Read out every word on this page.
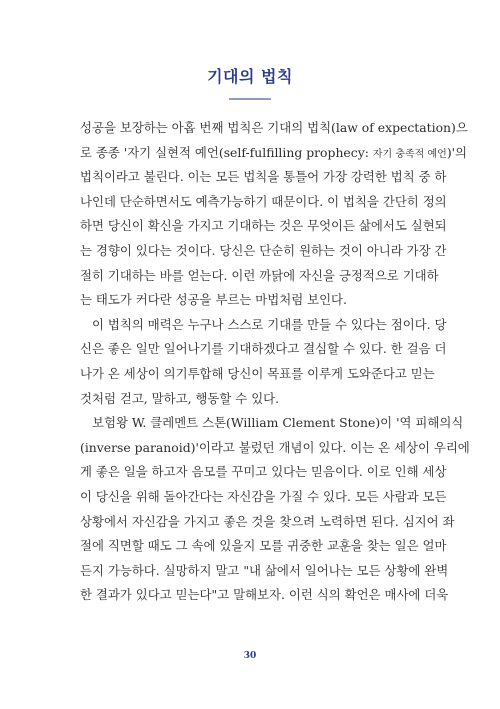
기대의 법칙
성공을 보장하는 아홉 번째 법칙은 기대의 법칙(law of expectation)으
로 종종 '자기 실현적 예언(self-fulfilling prophecy: 자기 충족적 예언)'의
법칙이라고 불린다. 이는 모든 법칙을 통틀어 가장 강력한 법칙 중 하
나인데 단순하면서도 예측가능하기 때문이다. 이 법칙을 간단히 정의
하면 당신이 확신을 가지고 기대하는 것은 무엇이든 삶에서도 실현되
는 경향이 있다는 것이다. 당신은 단순히 원하는 것이 아니라 가장 간
절히 기대하는 바를 얻는다. 이런 까닭에 자신을 긍정적으로 기대하
는 태도가 커다란 성공을 부르는 마법처럼 보인다.
이 법칙의 매력은 누구나 스스로 기대를 만들 수 있다는 점이다. 당
신은 좋은 일만 일어나기를 기대하겠다고 결심할 수 있다. 한 걸음 더
나가 온 세상이 의기투합해 당신이 목표를 이루게 도와준다고 믿는
것처럼 걷고, 말하고, 행동할 수 있다.
보험왕 W. 클레멘트 스톤(William Clement Stone)이 '역 피해의식
(inverse paranoid)'이라고 불렀던 개념이 있다. 이는 온 세상이 우리에
게 좋은 일을 하고자 음모를 꾸미고 있다는 믿음이다. 이로 인해 세상
이 당신을 위해 돌아간다는 자신감을 가질 수 있다. 모든 사람과 모든
상황에서 자신감을 가지고 좋은 것을 찾으려 노력하면 된다. 심지어 좌
절에 직면할 때도 그 속에 있을지 모를 귀중한 교훈을 찾는 일은 얼마
든지 가능하다. 실망하지 말고 "내 삶에서 일어나는 모든 상황에 완벽
한 결과가 있다고 믿는다"고 말해보자. 이런 식의 확언은 매사에 더욱
30
